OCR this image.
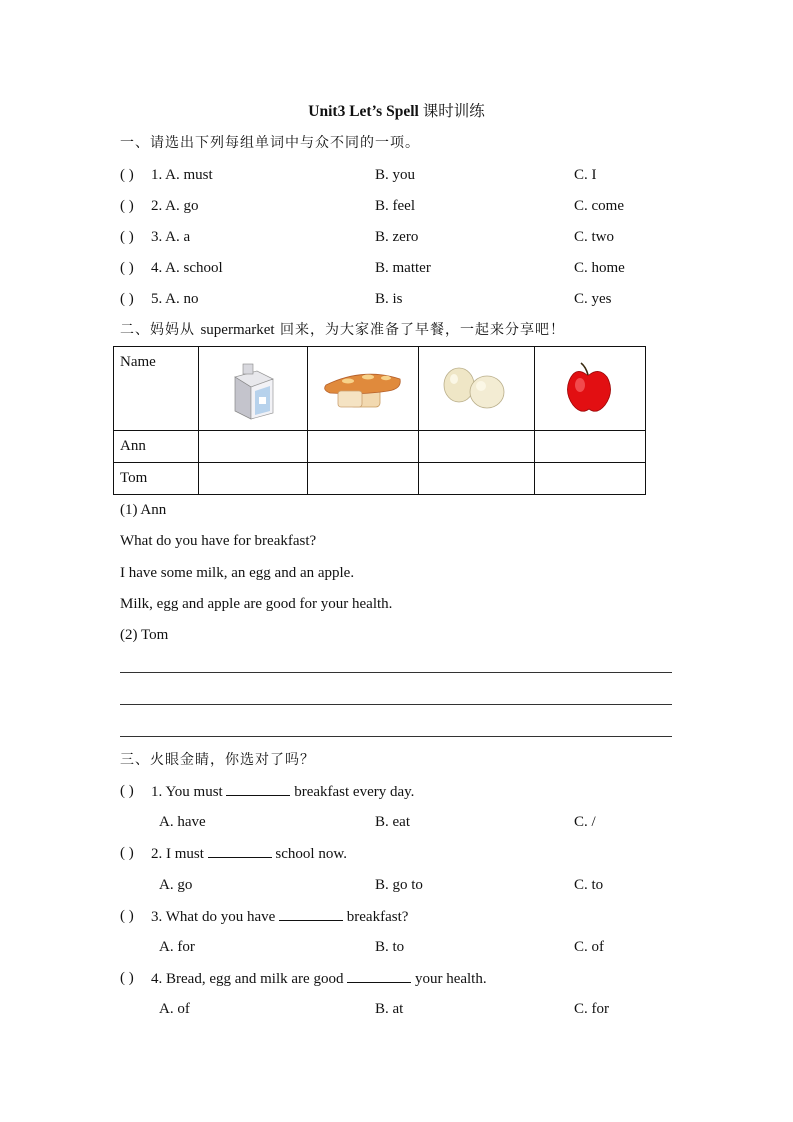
Unit3 Let’s Spell 课时训练
一、请选出下列每组单词中与众不同的一项。
( ) 1. A. must	B. you	C. I
( ) 2. A. go	B. feel	C. come
( ) 3. A. a	B. zero	C. two
( ) 4. A. school	B. matter	C. home
( ) 5. A. no	B. is	C. yes
二、妈妈从 supermarket 回来，为大家准备了早餐，一起来分享吧！
Name	

Ann				
Tom				
(1) Ann
What do you have for breakfast?
I have some milk, an egg and an apple.
Milk, egg and apple are good for your health.
(2) Tom
三、火眼金睛，你选对了吗？
( ) 1. You must	breakfast every day.
A. have	B. eat	C. /
( ) 2. I must	school now.
A. go	B. go to	C. to
( ) 3. What do you have	breakfast?
A. for	B. to	C. of
( ) 4. Bread, egg and milk are good	your health.
A. of	B. at	C. for
